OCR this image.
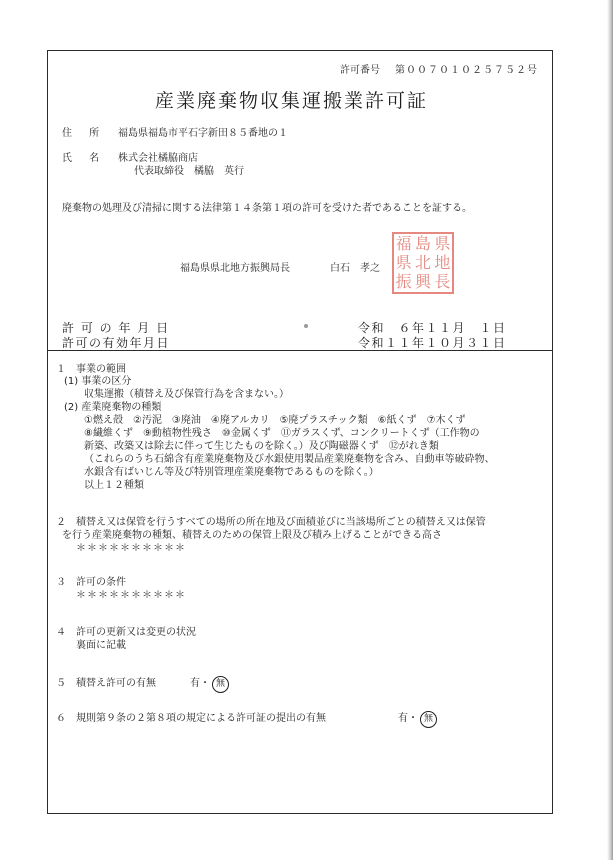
許可番号 第００７０１０２５７５２号
産業廃棄物収集運搬業許可証
住 所 福島県福島市平石字新田８５番地の１
氏 名 株式会社橘脇商店
代表取締役　橘脇　英行
廃棄物の処理及び清掃に関する法律第１４条第１項の許可を受けた者であることを証する。
福島県県北地方振興局長	白石　孝之
福 島 県
県 北 地
振 興 長
許 可 の 年 月 日	令和　６年１１月　１日
許可の有効年月日	令和１１年１０月３１日
１　事業の範囲
(1) 事業の区分
収集運搬（積替え及び保管行為を含まない。）
(2) 産業廃棄物の種類
①燃え殻　②汚泥　③廃油　④廃アルカリ　⑤廃プラスチック類　⑥紙くず　⑦木くず
⑧繊維くず　⑨動植物性残さ　⑩金属くず　⑪ガラスくず、コンクリートくず（工作物の
新築、改築又は除去に伴って生じたものを除く。）及び陶磁器くず　⑫がれき類
（これらのうち石綿含有産業廃棄物及び水銀使用製品産業廃棄物を含み、自動車等破砕物、
水銀含有ばいじん等及び特別管理産業廃棄物であるものを除く。）
以上１２種類
２　積替え又は保管を行うすべての場所の所在地及び面積並びに当該場所ごとの積替え又は保管
を行う産業廃棄物の種類、積替えのための保管上限及び積み上げることができる高さ
＊＊＊＊＊＊＊＊＊＊
３　許可の条件
＊＊＊＊＊＊＊＊＊＊
４　許可の更新又は変更の状況
裏面に記載
５　積替え許可の有無	有・ 無
６　規則第９条の２第８項の規定による許可証の提出の有無	有・ 無
